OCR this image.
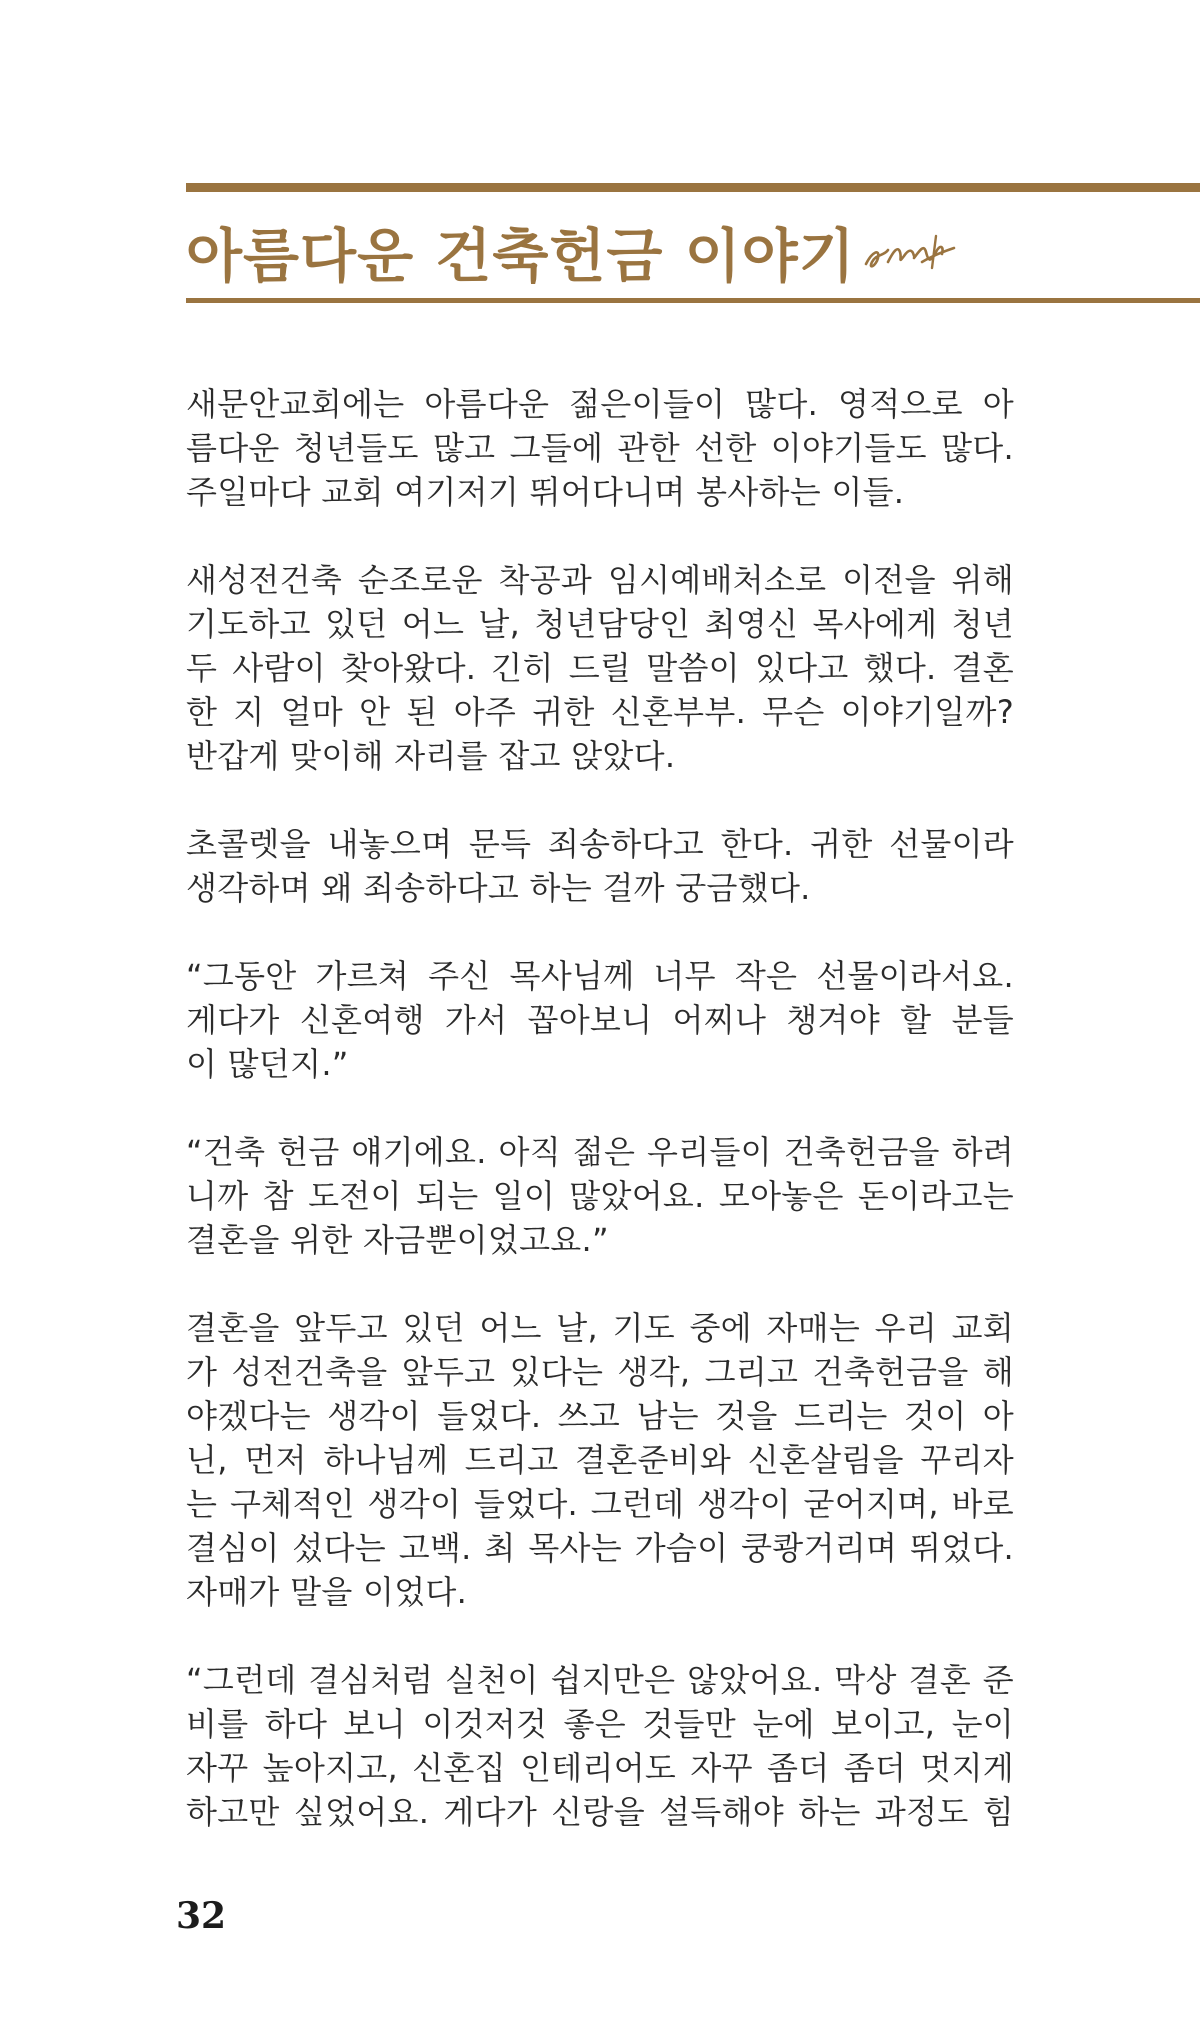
아름다운 건축헌금 이야기
새문안교회에는 아름다운 젊은이들이 많다. 영적으로 아
름다운 청년들도 많고 그들에 관한 선한 이야기들도 많다.
주일마다 교회 여기저기 뛰어다니며 봉사하는 이들.
새성전건축 순조로운 착공과 임시예배처소로 이전을 위해
기도하고 있던 어느 날, 청년담당인 최영신 목사에게 청년
두 사람이 찾아왔다. 긴히 드릴 말씀이 있다고 했다. 결혼
한 지 얼마 안 된 아주 귀한 신혼부부. 무슨 이야기일까?
반갑게 맞이해 자리를 잡고 앉았다.
초콜렛을 내놓으며 문득 죄송하다고 한다. 귀한 선물이라
생각하며 왜 죄송하다고 하는 걸까 궁금했다.
“그동안 가르쳐 주신 목사님께 너무 작은 선물이라서요.
게다가 신혼여행 가서 꼽아보니 어찌나 챙겨야 할 분들
이 많던지.”
“건축 헌금 얘기에요. 아직 젊은 우리들이 건축헌금을 하려
니까 참 도전이 되는 일이 많았어요. 모아놓은 돈이라고는
결혼을 위한 자금뿐이었고요.”
결혼을 앞두고 있던 어느 날, 기도 중에 자매는 우리 교회
가 성전건축을 앞두고 있다는 생각, 그리고 건축헌금을 해
야겠다는 생각이 들었다. 쓰고 남는 것을 드리는 것이 아
닌, 먼저 하나님께 드리고 결혼준비와 신혼살림을 꾸리자
는 구체적인 생각이 들었다. 그런데 생각이 굳어지며, 바로
결심이 섰다는 고백. 최 목사는 가슴이 쿵쾅거리며 뛰었다.
자매가 말을 이었다.
“그런데 결심처럼 실천이 쉽지만은 않았어요. 막상 결혼 준
비를 하다 보니 이것저것 좋은 것들만 눈에 보이고, 눈이
자꾸 높아지고, 신혼집 인테리어도 자꾸 좀더 좀더 멋지게
하고만 싶었어요. 게다가 신랑을 설득해야 하는 과정도 힘
32
